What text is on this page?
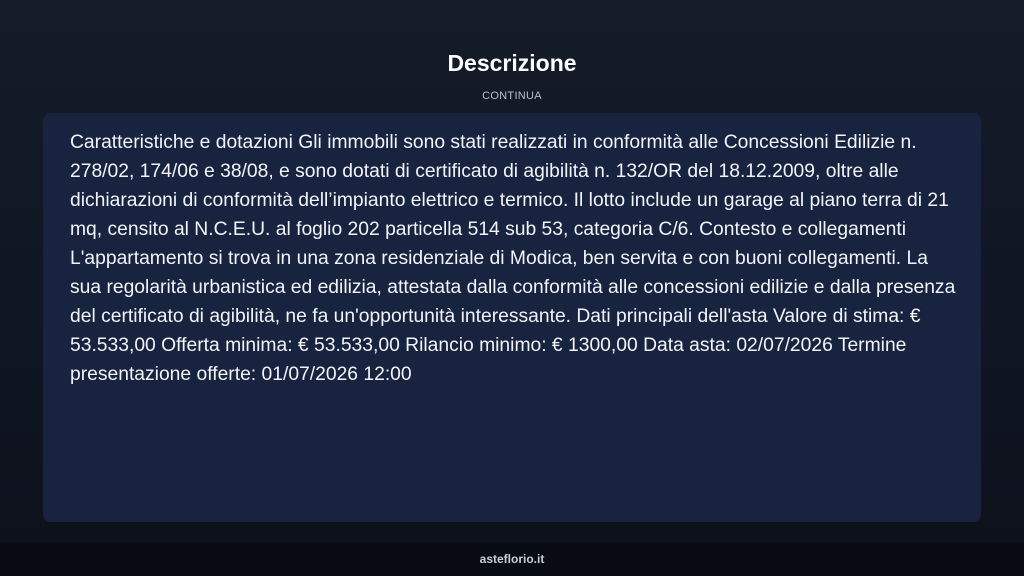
Descrizione
CONTINUA

Caratteristiche e dotazioni Gli immobili sono stati realizzati in conformità alle Concessioni Edilizie n. 278/02, 174/06 e 38/08, e sono dotati di certificato di agibilità n. 132/OR del 18.12.2009, oltre alle dichiarazioni di conformità dell’impianto elettrico e termico. Il lotto include un garage al piano terra di 21 mq, censito al N.C.E.U. al foglio 202 particella 514 sub 53, categoria C/6. Contesto e collegamenti L'appartamento si trova in una zona residenziale di Modica, ben servita e con buoni collegamenti. La sua regolarità urbanistica ed edilizia, attestata dalla conformità alle concessioni edilizie e dalla presenza del certificato di agibilità, ne fa un'opportunità interessante. Dati principali dell'asta Valore di stima: € 53.533,00 Offerta minima: € 53.533,00 Rilancio minimo: € 1300,00 Data asta: 02/07/2026 Termine presentazione offerte: 01/07/2026 12:00

asteflorio.it
